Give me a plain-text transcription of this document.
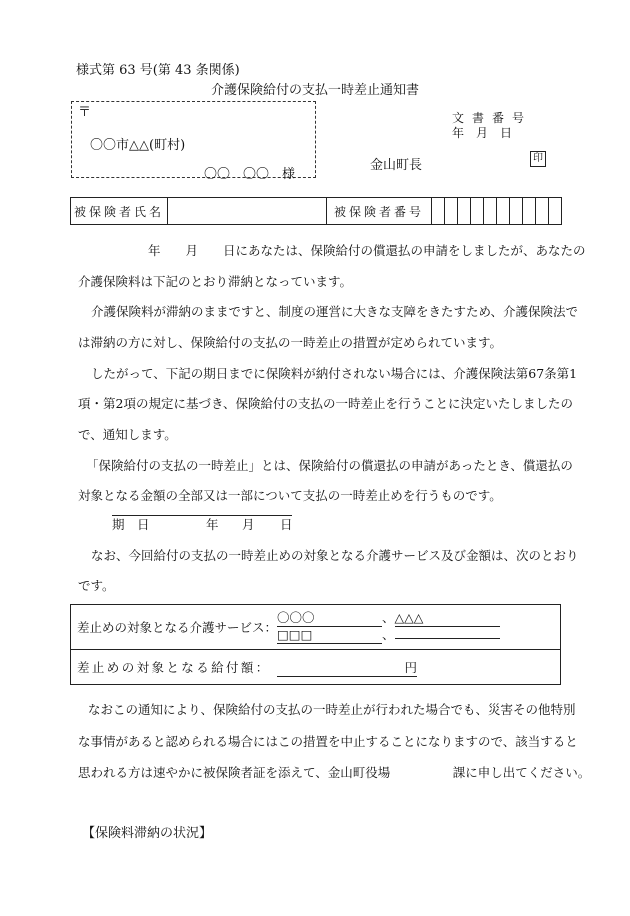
様式第 63 号(第 43 条関係)
介護保険給付の支払一時差止通知書
〒
〇〇市△△(町村)
〇〇　〇〇　様
文書番号
年　月　日
金山町長	印
被保険者氏名		被保険者番号										
年　　月　　日にあなたは、保険給付の償還払の申請をしましたが、あなたの
介護保険料は下記のとおり滞納となっています。
介護保険料が滞納のままですと、制度の運営に大きな支障をきたすため、介護保険法で
は滞納の方に対し、保険給付の支払の一時差止の措置が定められています。
したがって、下記の期日までに保険料が納付されない場合には、介護保険法第67条第1
項・第2項の規定に基づき、保険給付の支払の一時差止を行うことに決定いたしましたの
で、通知します。
「保険給付の支払の一時差止」とは、保険給付の償還払の申請があったとき、償還払の
対象となる金額の全部又は一部について支払の一時差止めを行うものです。
期　日	年 月 日
なお、今回給付の支払の一時差止めの対象となる介護サービス及び金額は、次のとおり
です。
差止めの対象となる介護サービス：
〇〇〇	、△△△
□□□	、

差止めの対象となる給付額：	円
なおこの通知により、保険給付の支払の一時差止が行われた場合でも、災害その他特別
な事情があると認められる場合にはこの措置を中止することになりますので、該当すると
思われる方は速やかに被保険者証を添えて、金山町役場　　　　　課に申し出てください。
【保険料滞納の状況】
